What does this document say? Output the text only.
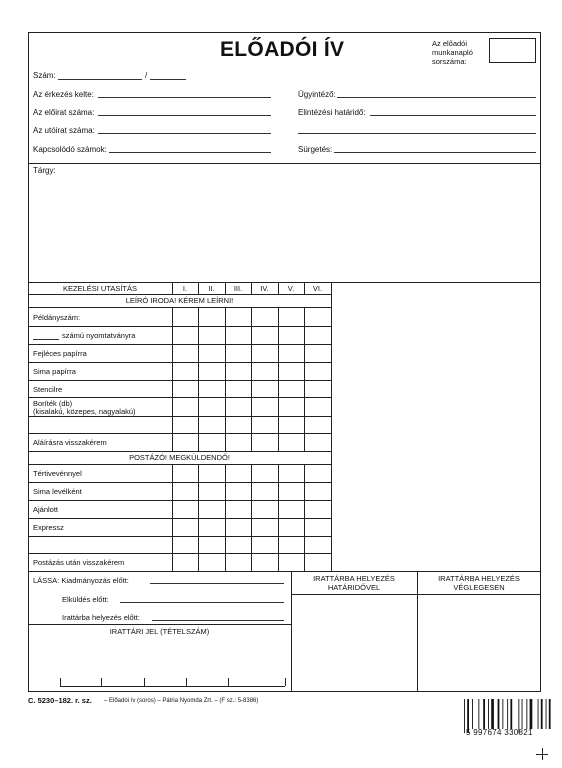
ELŐADÓI ÍV	Az előadói
munkanapló
sorszáma:
Szám:	/
Az érkezés kelte:
Az előirat száma:
Az utóirat száma:
Kapcsolódó számok:
Ügyintéző:
Elintézési határidő:
Sürgetés:
Tárgy:
KEZELÉSI UTASÍTÁS	I.	II.	III.	IV.	V.	VI.
LEÍRÓ IRODA! KÉREM LEÍRNI!
Példányszám:
számú nyomtatványra
Fejléces papírra
Sima papírra
Stencilre
Boríték (db)
(kisalakú, közepes, nagyalakú)
Aláírásra visszakérem
POSTÁZÓ! MEGKÜLDENDŐ!
Tértivevénnyel
Sima levélként
Ajánlott
Expressz
Postázás után visszakérem
LÁSSA: Kiadmányozás előtt:
Elküldés előtt:
Irattárba helyezés előtt:
IRATTÁRI JEL (TÉTELSZÁM)
IRATTÁRBA HELYEZÉS
HATÁRIDŐVEL
IRATTÁRBA HELYEZÉS
VÉGLEGESEN
C. 5230–182. r. sz. – Előadói ív (soros) – Pátria Nyomda Zrt. – (F sz.: 5-8386)
5 997674 330821
